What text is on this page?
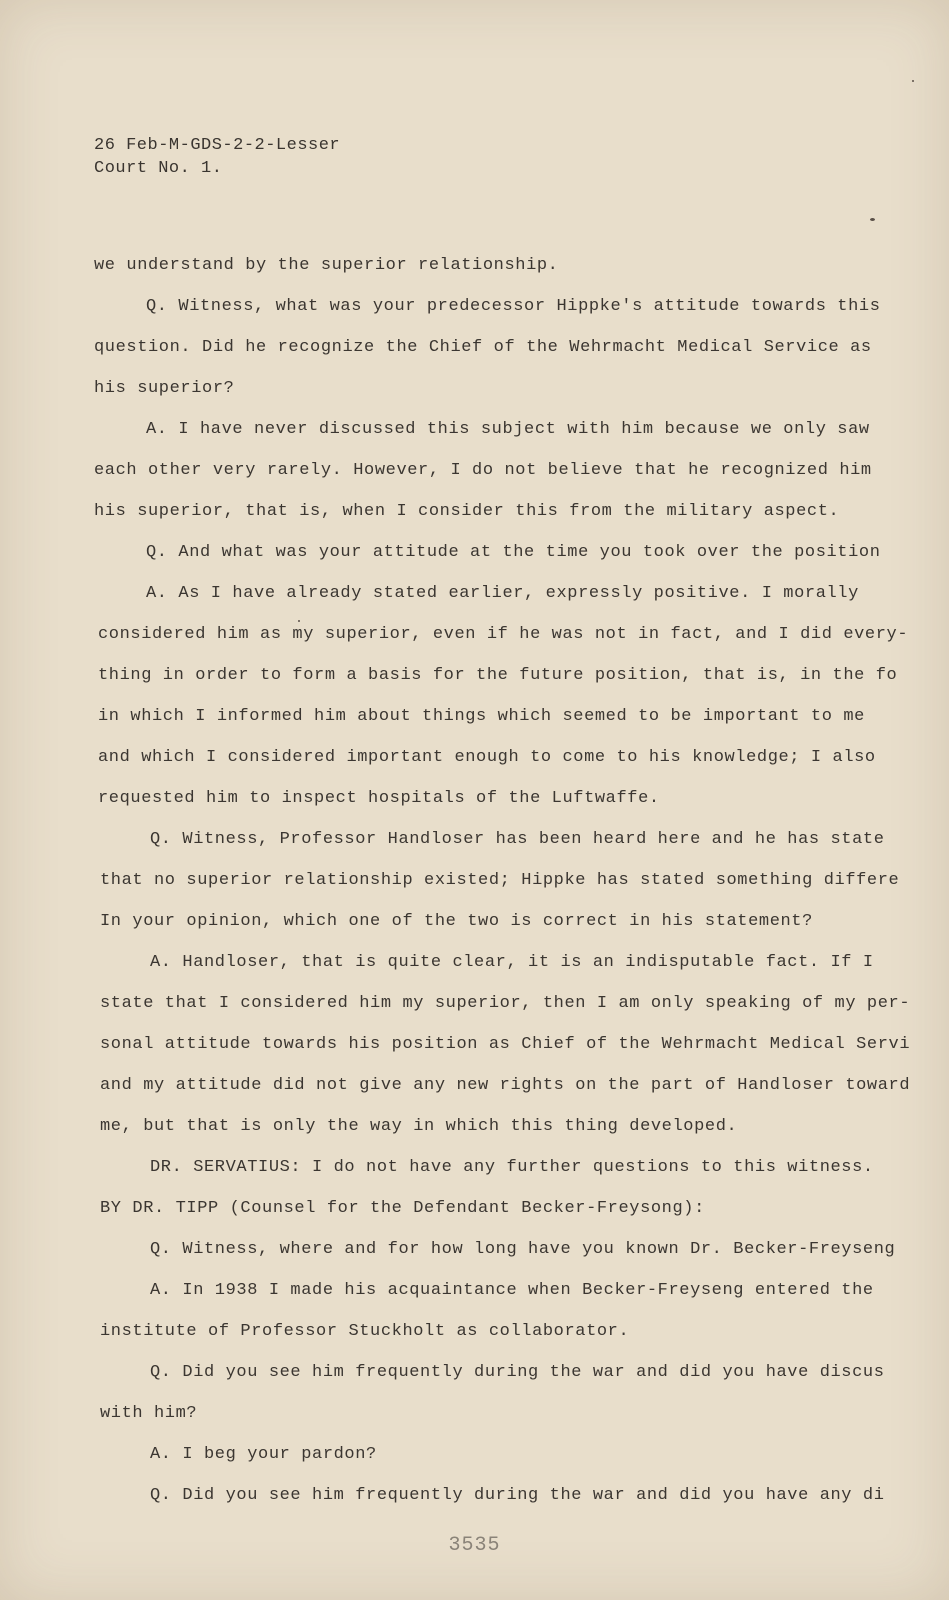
26 Feb-M-GDS-2-2-Lesser
Court No. 1.
we understand by the superior relationship.
Q. Witness, what was your predecessor Hippke's attitude towards this
question. Did he recognize the Chief of the Wehrmacht Medical Service as
his superior?
A. I have never discussed this subject with him because we only saw
each other very rarely. However, I do not believe that he recognized him
his superior, that is, when I consider this from the military aspect.
Q. And what was your attitude at the time you took over the position
A. As I have already stated earlier, expressly positive. I morally
considered him as my superior, even if he was not in fact, and I did every-
thing in order to form a basis for the future position, that is, in the fo
in which I informed him about things which seemed to be important to me
and which I considered important enough to come to his knowledge; I also
requested him to inspect hospitals of the Luftwaffe.
Q. Witness, Professor Handloser has been heard here and he has state
that no superior relationship existed; Hippke has stated something differe
In your opinion, which one of the two is correct in his statement?
A. Handloser, that is quite clear, it is an indisputable fact. If I
state that I considered him my superior, then I am only speaking of my per-
sonal attitude towards his position as Chief of the Wehrmacht Medical Servi
and my attitude did not give any new rights on the part of Handloser toward
me, but that is only the way in which this thing developed.
DR. SERVATIUS: I do not have any further questions to this witness.
BY DR. TIPP (Counsel for the Defendant Becker-Freysong):
Q. Witness, where and for how long have you known Dr. Becker-Freyseng
A. In 1938 I made his acquaintance when Becker-Freyseng entered the
institute of Professor Stuckholt as collaborator.
Q. Did you see him frequently during the war and did you have discus
with him?
A. I beg your pardon?
Q. Did you see him frequently during the war and did you have any di
3535
